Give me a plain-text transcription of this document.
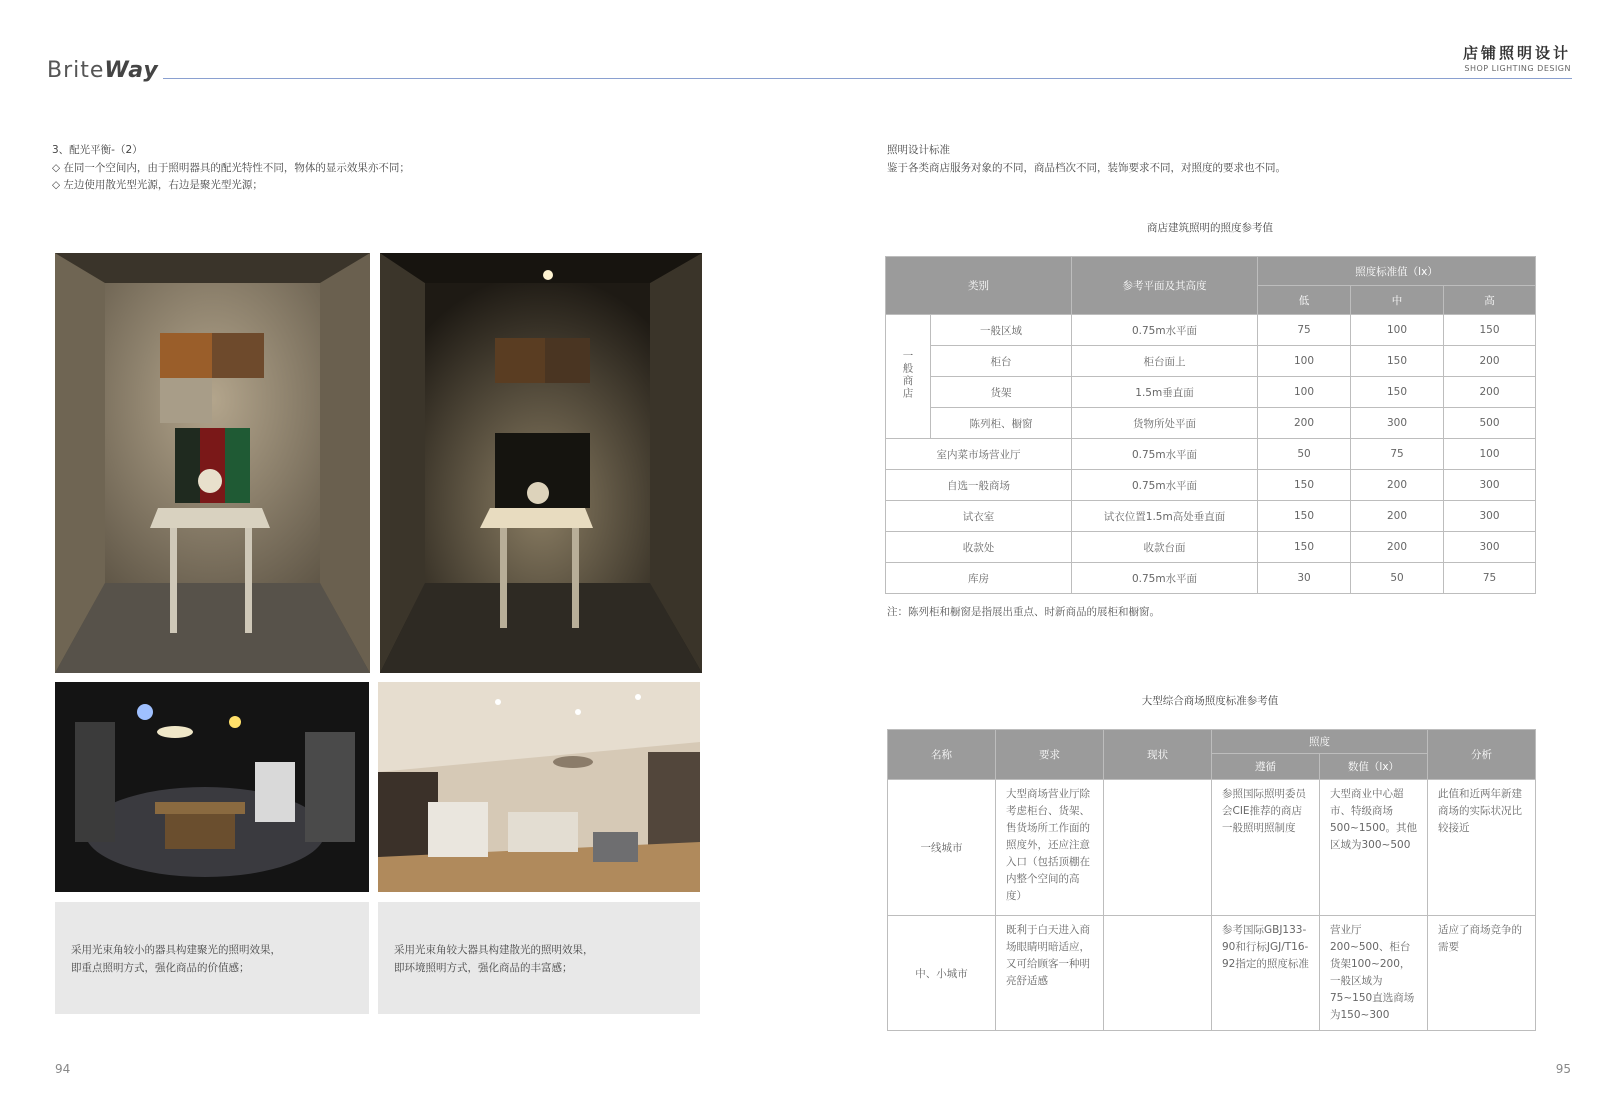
BriteWay
店铺照明设计
SHOP LIGHTING DESIGN
3、配光平衡-（2）
◇ 在同一个空间内，由于照明器具的配光特性不同，物体的显示效果亦不同；
◇ 左边使用散光型光源，右边是聚光型光源；
采用光束角较小的器具构建聚光的照明效果，
即重点照明方式，强化商品的价值感；
采用光束角较大器具构建散光的照明效果，
即环境照明方式，强化商品的丰富感；
照明设计标准
鉴于各类商店服务对象的不同，商品档次不同，装饰要求不同，对照度的要求也不同。
商店建筑照明的照度参考值
类别		参考平面及其高度	照度标准值（lx）		
			低	中	高
一般商店	一般区域	0.75m水平面	75	100	150
	柜台	柜台面上	100	150	200
	货架	1.5m垂直面	100	150	200
	陈列柜、橱窗	货物所处平面	200	300	500
室内菜市场营业厅		0.75m水平面	50	75	100
自选一般商场		0.75m水平面	150	200	300
试衣室		试衣位置1.5m高处垂直面	150	200	300
收款处		收款台面	150	200	300
库房		0.75m水平面	30	50	75
注：陈列柜和橱窗是指展出重点、时新商品的展柜和橱窗。
大型综合商场照度标准参考值
名称	要求	现状	照度		分析
			遵循	数值（lx）	
一线城市	大型商场营业厅除考虑柜台、货架、售货场所工作面的照度外，还应注意入口（包括顶棚在内整个空间的高度）		参照国际照明委员会CIE推荐的商店一般照明照制度	大型商业中心超市、特级商场500~1500。其他区域为300~500	此值和近两年新建商场的实际状况比较接近
中、小城市	既利于白天进入商场眼睛明暗适应，又可给顾客一种明亮舒适感		参考国际GBJ133-90和行标JGJ/T16-92指定的照度标准	营业厅200~500、柜台货架100~200，一般区域为75~150直选商场为150~300	适应了商场竞争的需要
94	95
